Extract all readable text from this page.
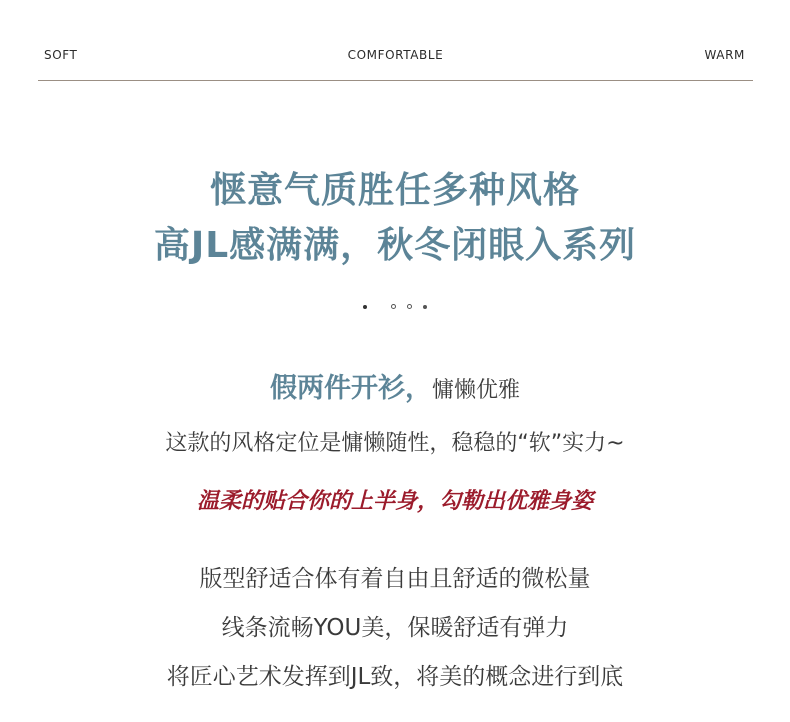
SOFT	COMFORTABLE	WARM
惬意气质胜任多种风格
高JL感满满，秋冬闭眼入系列

假两件开衫，慵懒优雅
这款的风格定位是慵懒随性，稳稳的“软”实力~
温柔的贴合你的上半身，勾勒出优雅身姿
版型舒适合体有着自由且舒适的微松量
线条流畅YOU美，保暖舒适有弹力
将匠心艺术发挥到JL致，将美的概念进行到底
